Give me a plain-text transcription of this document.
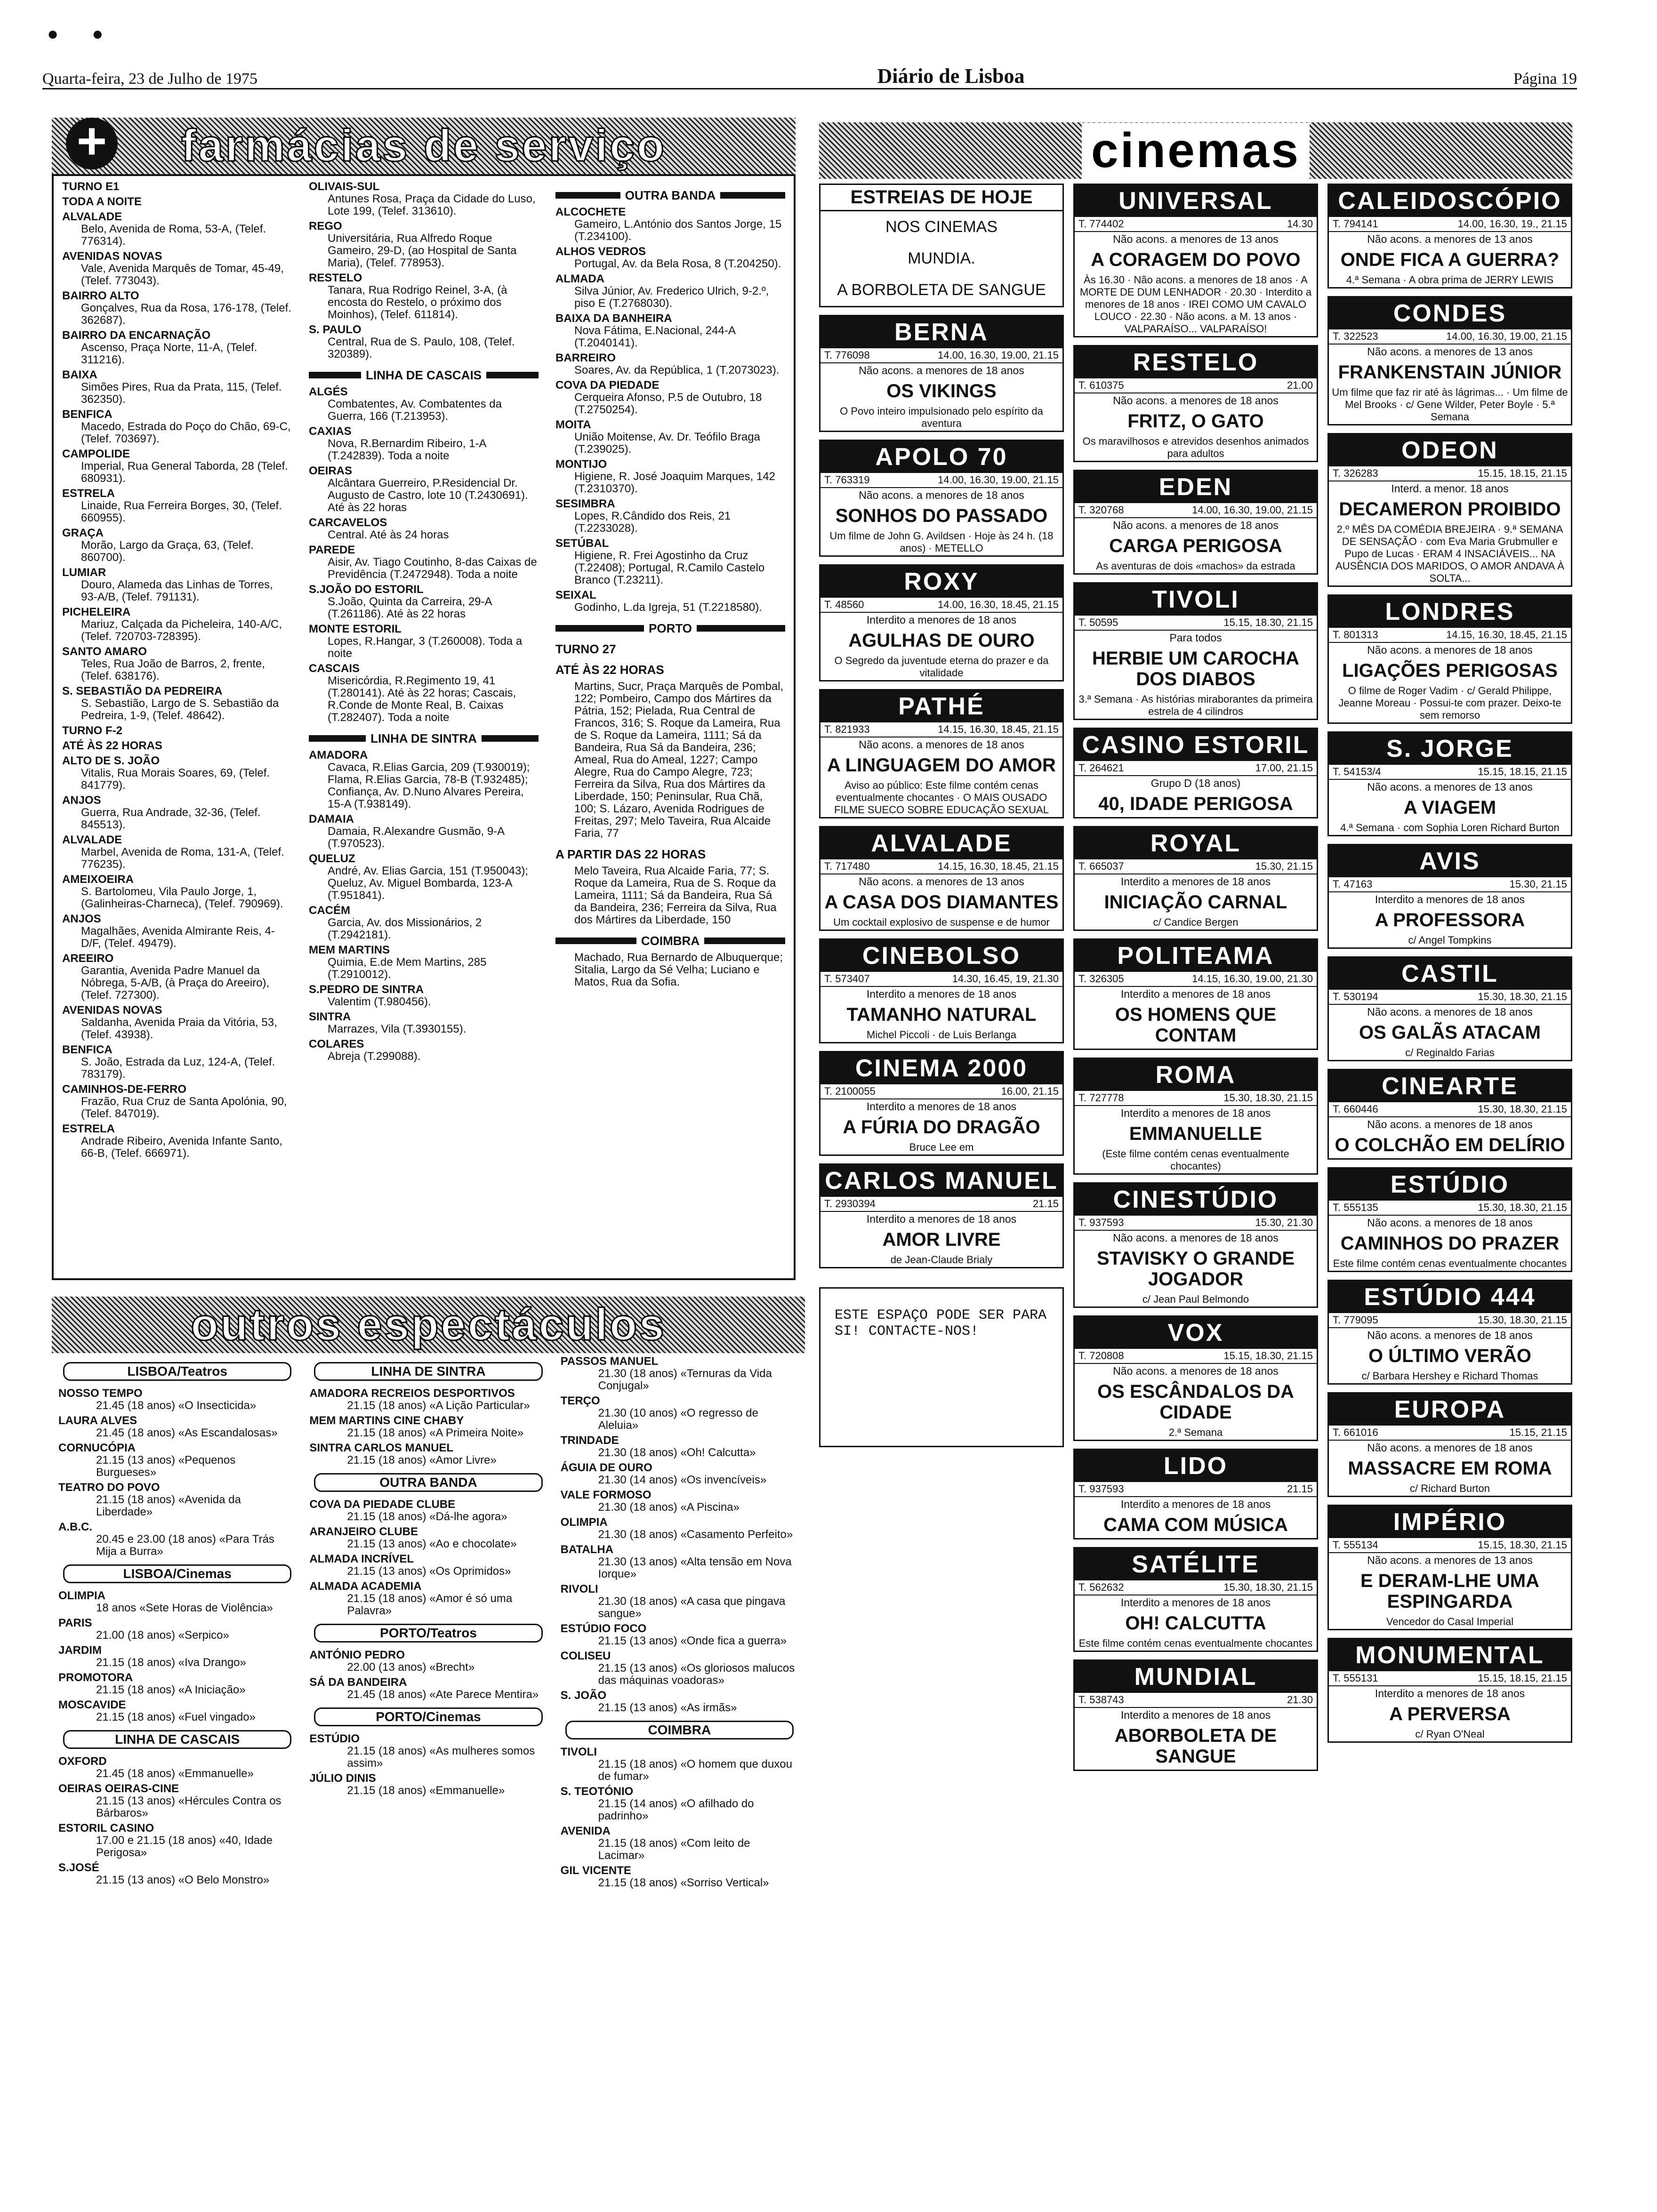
● ●
Quarta-feira, 23 de Julho de 1975	Diário de Lisboa	Página 19
+ farmácias de serviço
TURNO E1
TODA A NOITE
ALVALADE
Belo, Avenida de Roma, 53-A, (Telef. 776314).
AVENIDAS NOVAS
Vale, Avenida Marquês de Tomar, 45-49, (Telef. 773043).
BAIRRO ALTO
Gonçalves, Rua da Rosa, 176-178, (Telef. 362687).
BAIRRO DA ENCARNAÇÃO
Ascenso, Praça Norte, 11-A, (Telef. 311216).
BAIXA
Simões Pires, Rua da Prata, 115, (Telef. 362350).
BENFICA
Macedo, Estrada do Poço do Chão, 69-C, (Telef. 703697).
CAMPOLIDE
Imperial, Rua General Taborda, 28 (Telef. 680931).
ESTRELA
Linaide, Rua Ferreira Borges, 30, (Telef. 660955).
GRAÇA
Morão, Largo da Graça, 63, (Telef. 860700).
LUMIAR
Douro, Alameda das Linhas de Torres, 93-A/B, (Telef. 791131).
PICHELEIRA
Mariuz, Calçada da Picheleira, 140-A/C, (Telef. 720703-728395).
SANTO AMARO
Teles, Rua João de Barros, 2, frente, (Telef. 638176).
S. SEBASTIÃO DA PEDREIRA
S. Sebastião, Largo de S. Sebastião da Pedreira, 1-9, (Telef. 48642).
TURNO F-2
ATÉ ÀS 22 HORAS
ALTO DE S. JOÃO
Vitalis, Rua Morais Soares, 69, (Telef. 841779).
ANJOS
Guerra, Rua Andrade, 32-36, (Telef. 845513).
ALVALADE
Marbel, Avenida de Roma, 131-A, (Telef. 776235).
AMEIXOEIRA
S. Bartolomeu, Vila Paulo Jorge, 1, (Galinheiras-Charneca), (Telef. 790969).
ANJOS
Magalhães, Avenida Almirante Reis, 4-D/F, (Telef. 49479).
AREEIRO
Garantia, Avenida Padre Manuel da Nóbrega, 5-A/B, (à Praça do Areeiro), (Telef. 727300).
AVENIDAS NOVAS
Saldanha, Avenida Praia da Vitória, 53, (Telef. 43938).
BENFICA
S. João, Estrada da Luz, 124-A, (Telef. 783179).
CAMINHOS-DE-FERRO
Frazão, Rua Cruz de Santa Apolónia, 90, (Telef. 847019).
ESTRELA
Andrade Ribeiro, Avenida Infante Santo, 66-B, (Telef. 666971).
OLIVAIS-SUL
Antunes Rosa, Praça da Cidade do Luso, Lote 199, (Telef. 313610).
REGO
Universitária, Rua Alfredo Roque Gameiro, 29-D, (ao Hospital de Santa Maria), (Telef. 778953).
RESTELO
Tanara, Rua Rodrigo Reinel, 3-A, (à encosta do Restelo, o próximo dos Moinhos), (Telef. 611814).
S. PAULO
Central, Rua de S. Paulo, 108, (Telef. 320389).
LINHA DE CASCAIS
ALGÉS
Combatentes, Av. Combatentes da Guerra, 166 (T.213953).
CAXIAS
Nova, R.Bernardim Ribeiro, 1-A (T.242839). Toda a noite
OEIRAS
Alcântara Guerreiro, P.Residencial Dr. Augusto de Castro, lote 10 (T.2430691). Até às 22 horas
CARCAVELOS
Central. Até às 24 horas
PAREDE
Aisir, Av. Tiago Coutinho, 8-das Caixas de Previdência (T.2472948). Toda a noite
S.JOÃO DO ESTORIL
S.João, Quinta da Carreira, 29-A (T.261186). Até às 22 horas
MONTE ESTORIL
Lopes, R.Hangar, 3 (T.260008). Toda a noite
CASCAIS
Misericórdia, R.Regimento 19, 41 (T.280141). Até às 22 horas; Cascais, R.Conde de Monte Real, B. Caixas (T.282407). Toda a noite
LINHA DE SINTRA
AMADORA
Cavaca, R.Elias Garcia, 209 (T.930019); Flama, R.Elias Garcia, 78-B (T.932485); Confiança, Av. D.Nuno Alvares Pereira, 15-A (T.938149).
DAMAIA
Damaia, R.Alexandre Gusmão, 9-A (T.970523).
QUELUZ
André, Av. Elias Garcia, 151 (T.950043); Queluz, Av. Miguel Bombarda, 123-A (T.951841).
CACÉM
Garcia, Av. dos Missionários, 2 (T.2942181).
MEM MARTINS
Quimia, E.de Mem Martins, 285 (T.2910012).
S.PEDRO DE SINTRA
Valentim (T.980456).
SINTRA
Marrazes, Vila (T.3930155).
COLARES
Abreja (T.299088).
OUTRA BANDA
ALCOCHETE
Gameiro, L.António dos Santos Jorge, 15 (T.234100).
ALHOS VEDROS
Portugal, Av. da Bela Rosa, 8 (T.204250).
ALMADA
Silva Júnior, Av. Frederico Ulrich, 9-2.º, piso E (T.2768030).
BAIXA DA BANHEIRA
Nova Fátima, E.Nacional, 244-A (T.2040141).
BARREIRO
Soares, Av. da República, 1 (T.2073023).
COVA DA PIEDADE
Cerqueira Afonso, P.5 de Outubro, 18 (T.2750254).
MOITA
União Moitense, Av. Dr. Teófilo Braga (T.239025).
MONTIJO
Higiene, R. José Joaquim Marques, 142 (T.2310370).
SESIMBRA
Lopes, R.Cândido dos Reis, 21 (T.2233028).
SETÚBAL
Higiene, R. Frei Agostinho da Cruz (T.22408); Portugal, R.Camilo Castelo Branco (T.23211).
SEIXAL
Godinho, L.da Igreja, 51 (T.2218580).
PORTO
TURNO 27
ATÉ ÀS 22 HORAS
Martins, Sucr, Praça Marquês de Pombal, 122; Pombeiro, Campo dos Mártires da Pátria, 152; Pielada, Rua Central de Francos, 316; S. Roque da Lameira, Rua de S. Roque da Lameira, 1111; Sá da Bandeira, Rua Sá da Bandeira, 236; Ameal, Rua do Ameal, 1227; Campo Alegre, Rua do Campo Alegre, 723; Ferreira da Silva, Rua dos Mártires da Liberdade, 150; Peninsular, Rua Chã, 100; S. Lázaro, Avenida Rodrigues de Freitas, 297; Melo Taveira, Rua Alcaide Faria, 77
A PARTIR DAS 22 HORAS
Melo Taveira, Rua Alcaide Faria, 77; S. Roque da Lameira, Rua de S. Roque da Lameira, 1111; Sá da Bandeira, Rua Sá da Bandeira, 236; Ferreira da Silva, Rua dos Mártires da Liberdade, 150
COIMBRA
Machado, Rua Bernardo de Albuquerque; Sitalia, Largo da Sé Velha; Luciano e Matos, Rua da Sofia.
outros espectáculos
LISBOA/Teatros
NOSSO TEMPO
21.45 (18 anos) «O Insecticida»
LAURA ALVES
21.45 (18 anos) «As Escandalosas»
CORNUCÓPIA
21.15 (13 anos) «Pequenos Burgueses»
TEATRO DO POVO
21.15 (18 anos) «Avenida da Liberdade»
A.B.C.
20.45 e 23.00 (18 anos) «Para Trás Mija a Burra»
LISBOA/Cinemas
OLIMPIA
18 anos «Sete Horas de Violência»
PARIS
21.00 (18 anos) «Serpico»
JARDIM
21.15 (18 anos) «Iva Drango»
PROMOTORA
21.15 (18 anos) «A Iniciação»
MOSCAVIDE
21.15 (18 anos) «Fuel vingado»
LINHA DE CASCAIS
OXFORD
21.45 (18 anos) «Emmanuelle»
OEIRAS OEIRAS-CINE
21.15 (13 anos) «Hércules Contra os Bárbaros»
ESTORIL CASINO
17.00 e 21.15 (18 anos) «40, Idade Perigosa»
S.JOSÉ
21.15 (13 anos) «O Belo Monstro»
LINHA DE SINTRA
AMADORA RECREIOS DESPORTIVOS
21.15 (18 anos) «A Lição Particular»
MEM MARTINS CINE CHABY
21.15 (18 anos) «A Primeira Noite»
SINTRA CARLOS MANUEL
21.15 (18 anos) «Amor Livre»
OUTRA BANDA
COVA DA PIEDADE CLUBE
21.15 (18 anos) «Dá-lhe agora»
ARANJEIRO CLUBE
21.15 (13 anos) «Ao e chocolate»
ALMADA INCRÍVEL
21.15 (13 anos) «Os Oprimidos»
ALMADA ACADEMIA
21.15 (18 anos) «Amor é só uma Palavra»
PORTO/Teatros
ANTÓNIO PEDRO
22.00 (13 anos) «Brecht»
SÁ DA BANDEIRA
21.45 (18 anos) «Ate Parece Mentira»
PORTO/Cinemas
ESTÚDIO
21.15 (18 anos) «As mulheres somos assim»
JÚLIO DINIS
21.15 (18 anos) «Emmanuelle»
PASSOS MANUEL
21.30 (18 anos) «Ternuras da Vida Conjugal»
TERÇO
21.30 (10 anos) «O regresso de Aleluia»
TRINDADE
21.30 (18 anos) «Oh! Calcutta»
ÁGUIA DE OURO
21.30 (14 anos) «Os invencíveis»
VALE FORMOSO
21.30 (18 anos) «A Piscina»
OLIMPIA
21.30 (18 anos) «Casamento Perfeito»
BATALHA
21.30 (13 anos) «Alta tensão em Nova Iorque»
RIVOLI
21.30 (18 anos) «A casa que pingava sangue»
ESTÚDIO FOCO
21.15 (13 anos) «Onde fica a guerra»
COLISEU
21.15 (13 anos) «Os gloriosos malucos das máquinas voadoras»
S. JOÃO
21.15 (13 anos) «As irmãs»
COIMBRA
TIVOLI
21.15 (18 anos) «O homem que duxou de fumar»
S. TEOTÓNIO
21.15 (14 anos) «O afilhado do padrinho»
AVENIDA
21.15 (18 anos) «Com leito de Lacimar»
GIL VICENTE
21.15 (18 anos) «Sorriso Vertical»
cinemas
ESTREIAS DE HOJE
NOS CINEMAS
MUNDIA.
A BORBOLETA DE SANGUE
BERNA
T. 776098	14.00, 16.30, 19.00, 21.15
Não acons. a menores de 18 anos
OS VIKINGS
O Povo inteiro impulsionado pelo espírito da aventura
APOLO 70
T. 763319	14.00, 16.30, 19.00, 21.15
Não acons. a menores de 18 anos
SONHOS DO PASSADO
Um filme de John G. Avildsen · Hoje às 24 h. (18 anos) · METELLO
ROXY
T. 48560	14.00, 16.30, 18.45, 21.15
Interdito a menores de 18 anos
AGULHAS DE OURO
O Segredo da juventude eterna do prazer e da vitalidade
PATHÉ
T. 821933	14.15, 16.30, 18.45, 21.15
Não acons. a menores de 18 anos
A LINGUAGEM DO AMOR
Aviso ao público: Este filme contém cenas eventualmente chocantes · O MAIS OUSADO FILME SUECO SOBRE EDUCAÇÃO SEXUAL
ALVALADE
T. 717480	14.15, 16.30, 18.45, 21.15
Não acons. a menores de 13 anos
A CASA DOS DIAMANTES
Um cocktail explosivo de suspense e de humor
CINEBOLSO
T. 573407	14.30, 16.45, 19, 21.30
Interdito a menores de 18 anos
TAMANHO NATURAL
Michel Piccoli · de Luis Berlanga
CINEMA 2000
T. 2100055	16.00, 21.15
Interdito a menores de 18 anos
A FÚRIA DO DRAGÃO
Bruce Lee em
CARLOS MANUEL
T. 2930394	21.15
Interdito a menores de 18 anos
AMOR LIVRE
de Jean-Claude Brialy
ESTE ESPAÇO PODE SER PARA SI! CONTACTE-NOS!
UNIVERSAL
T. 774402	14.30
Não acons. a menores de 13 anos
A CORAGEM DO POVO
Às 16.30 · Não acons. a menores de 18 anos · A MORTE DE DUM LENHADOR · 20.30 · Interdito a menores de 18 anos · IREI COMO UM CAVALO LOUCO · 22.30 · Não acons. a M. 13 anos · VALPARAÍSO... VALPARAÍSO!
RESTELO
T. 610375	21.00
Não acons. a menores de 18 anos
FRITZ, O GATO
Os maravilhosos e atrevidos desenhos animados para adultos
EDEN
T. 320768	14.00, 16.30, 19.00, 21.15
Não acons. a menores de 18 anos
CARGA PERIGOSA
As aventuras de dois «machos» da estrada
TIVOLI
T. 50595	15.15, 18.30, 21.15
Para todos
HERBIE UM CAROCHA DOS DIABOS
3.ª Semana · As histórias miraborantes da primeira estrela de 4 cilindros
CASINO ESTORIL
T. 264621	17.00, 21.15
Grupo D (18 anos)
40, IDADE PERIGOSA
ROYAL
T. 665037	15.30, 21.15
Interdito a menores de 18 anos
INICIAÇÃO CARNAL
c/ Candice Bergen
POLITEAMA
T. 326305	14.15, 16.30, 19.00, 21.30
Interdito a menores de 18 anos
OS HOMENS QUE CONTAM
ROMA
T. 727778	15.30, 18.30, 21.15
Interdito a menores de 18 anos
EMMANUELLE
(Este filme contém cenas eventualmente chocantes)
CINESTÚDIO
T. 937593	15.30, 21.30
Não acons. a menores de 18 anos
STAVISKY O GRANDE JOGADOR
c/ Jean Paul Belmondo
VOX
T. 720808	15.15, 18.30, 21.15
Não acons. a menores de 18 anos
OS ESCÂNDALOS DA CIDADE
2.ª Semana
LIDO
T. 937593	21.15
Interdito a menores de 18 anos
CAMA COM MÚSICA
SATÉLITE
T. 562632	15.30, 18.30, 21.15
Interdito a menores de 18 anos
OH! CALCUTTA
Este filme contém cenas eventualmente chocantes
MUNDIAL
T. 538743	21.30
Interdito a menores de 18 anos
ABORBOLETA DE SANGUE
CALEIDOSCÓPIO
T. 794141	14.00, 16.30, 19., 21.15
Não acons. a menores de 13 anos
ONDE FICA A GUERRA?
4.ª Semana · A obra prima de JERRY LEWIS
CONDES
T. 322523	14.00, 16.30, 19.00, 21.15
Não acons. a menores de 13 anos
FRANKENSTAIN JÚNIOR
Um filme que faz rir até às lágrimas... · Um filme de Mel Brooks · c/ Gene Wilder, Peter Boyle · 5.ª Semana
ODEON
T. 326283	15.15, 18.15, 21.15
Interd. a menor. 18 anos
DECAMERON PROIBIDO
2.º MÊS DA COMÉDIA BREJEIRA · 9.ª SEMANA DE SENSAÇÃO · com Eva Maria Grubmuller e Pupo de Lucas · ERAM 4 INSACIÁVEIS... NA AUSÊNCIA DOS MARIDOS, O AMOR ANDAVA À SOLTA...
LONDRES
T. 801313	14.15, 16.30, 18.45, 21.15
Não acons. a menores de 18 anos
LIGAÇÕES PERIGOSAS
O filme de Roger Vadim · c/ Gerald Philippe, Jeanne Moreau · Possui-te com prazer. Deixo-te sem remorso
S. JORGE
T. 54153/4	15.15, 18.15, 21.15
Não acons. a menores de 13 anos
A VIAGEM
4.ª Semana · com Sophia Loren Richard Burton
AVIS
T. 47163	15.30, 21.15
Interdito a menores de 18 anos
A PROFESSORA
c/ Angel Tompkins
CASTIL
T. 530194	15.30, 18.30, 21.15
Não acons. a menores de 18 anos
OS GALÃS ATACAM
c/ Reginaldo Farias
CINEARTE
T. 660446	15.30, 18.30, 21.15
Não acons. a menores de 18 anos
O COLCHÃO EM DELÍRIO
ESTÚDIO
T. 555135	15.30, 18.30, 21.15
Não acons. a menores de 18 anos
CAMINHOS DO PRAZER
Este filme contém cenas eventualmente chocantes
ESTÚDIO 444
T. 779095	15.30, 18.30, 21.15
Não acons. a menores de 18 anos
O ÚLTIMO VERÃO
c/ Barbara Hershey e Richard Thomas
EUROPA
T. 661016	15.15, 21.15
Não acons. a menores de 18 anos
MASSACRE EM ROMA
c/ Richard Burton
IMPÉRIO
T. 555134	15.15, 18.30, 21.15
Não acons. a menores de 13 anos
E DERAM-LHE UMA ESPINGARDA
Vencedor do Casal Imperial
MONUMENTAL
T. 555131	15.15, 18.15, 21.15
Interdito a menores de 18 anos
A PERVERSA
c/ Ryan O'Neal
